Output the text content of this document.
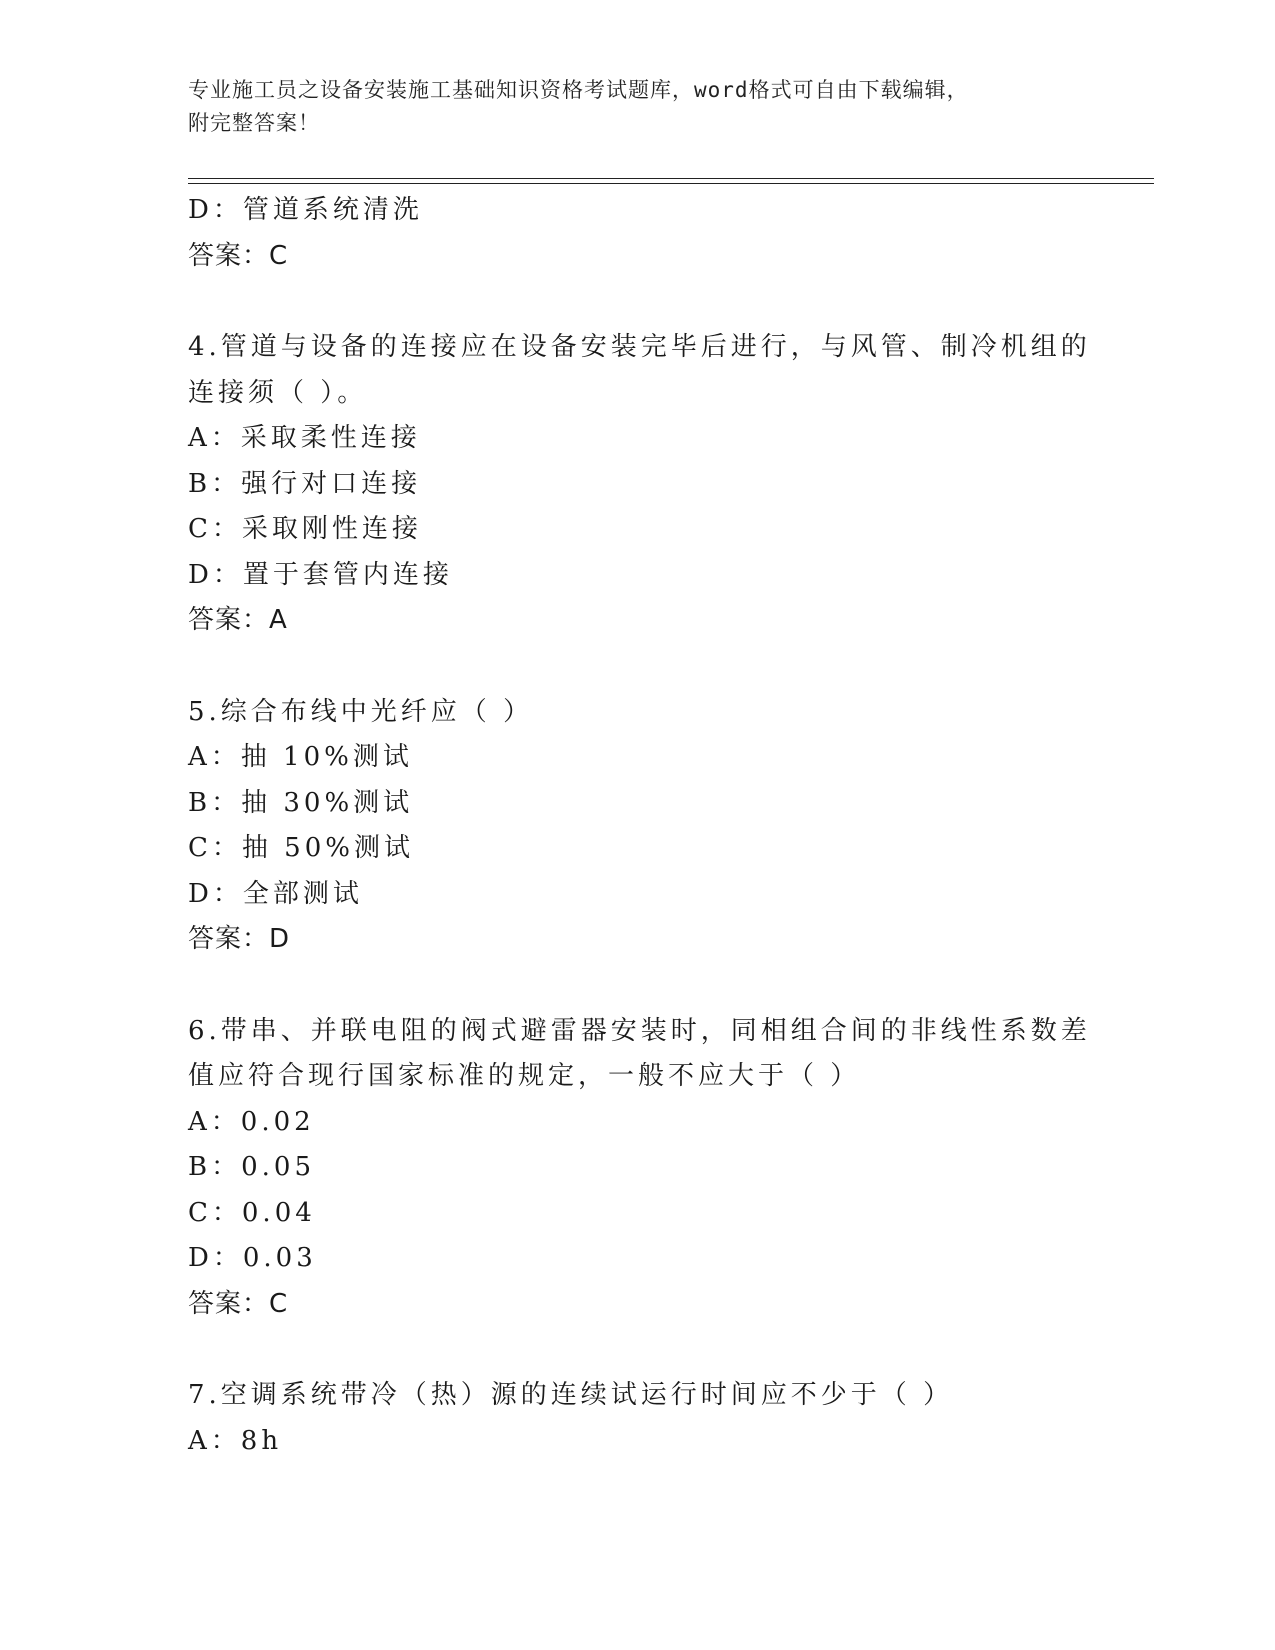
专业施工员之设备安装施工基础知识资格考试题库，word格式可自由下载编辑，
附完整答案！
D：管道系统清洗
答案：C
4.管道与设备的连接应在设备安装完毕后进行，与风管、制冷机组的
连接须（ ）。
A：采取柔性连接
B：强行对口连接
C：采取刚性连接
D：置于套管内连接
答案：A
5.综合布线中光纤应（ ）
A：抽 10%测试
B：抽 30%测试
C：抽 50%测试
D：全部测试
答案：D
6.带串、并联电阻的阀式避雷器安装时，同相组合间的非线性系数差
值应符合现行国家标准的规定，一般不应大于（ ）
A：0.02
B：0.05
C：0.04
D：0.03
答案：C
7.空调系统带冷（热）源的连续试运行时间应不少于（ ）
A：8h
